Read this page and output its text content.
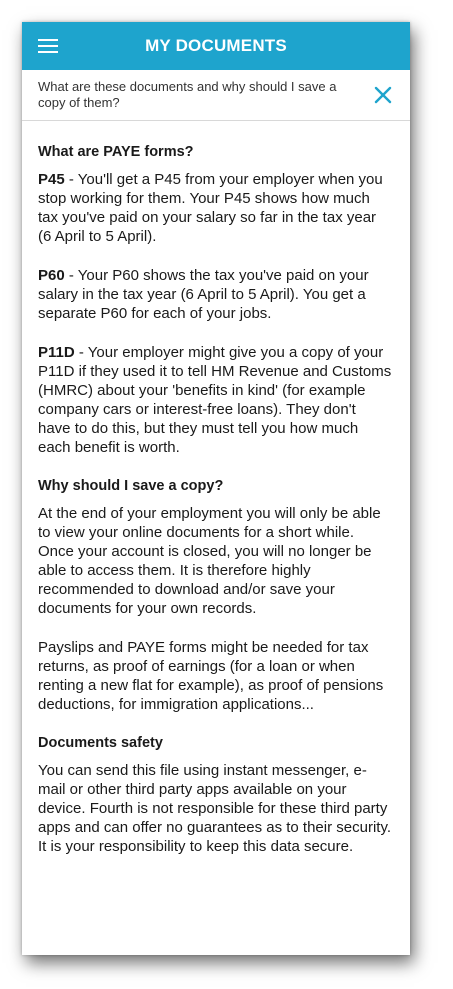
MY DOCUMENTS
What are these documents and why should I save a copy of them?
What are PAYE forms?

P45 - You'll get a P45 from your employer when you stop working for them. Your P45 shows how much tax you've paid on your salary so far in the tax year (6 April to 5 April).

P60 - Your P60 shows the tax you've paid on your salary in the tax year (6 April to 5 April). You get a separate P60 for each of your jobs.

P11D - Your employer might give you a copy of your P11D if they used it to tell HM Revenue and Customs (HMRC) about your 'benefits in kind' (for example company cars or interest-free loans). They don't have to do this, but they must tell you how much each benefit is worth.

Why should I save a copy?

At the end of your employment you will only be able to view your online documents for a short while. Once your account is closed, you will no longer be able to access them. It is therefore highly recommended to download and/or save your documents for your own records.

Payslips and PAYE forms might be needed for tax returns, as proof of earnings (for a loan or when renting a new flat for example), as proof of pensions deductions, for immigration applications...

Documents safety

You can send this file using instant messenger, e-mail or other third party apps available on your device. Fourth is not responsible for these third party apps and can offer no guarantees as to their security. It is your responsibility to keep this data secure.
